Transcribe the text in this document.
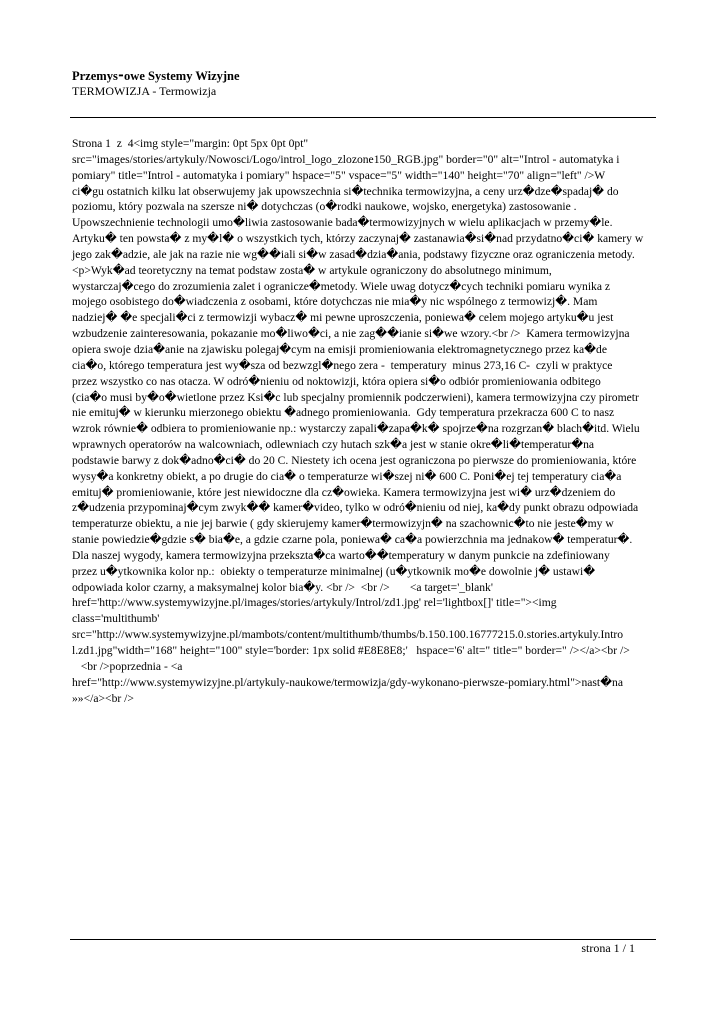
Przemys⁃owe Systemy Wizyjne
TERMOWIZJA - Termowizja
Strona 1  z  4<img style="margin: 0pt 5px 0pt 0pt"
src="images/stories/artykuly/Nowosci/Logo/introl_logo_zlozone150_RGB.jpg" border="0" alt="Introl - automatyka i
pomiary" title="Introl - automatyka i pomiary" hspace="5" vspace="5" width="140" height="70" align="left" />W
ci�gu ostatnich kilku lat obserwujemy jak upowszechnia si�technika termowizyjna, a ceny urz�dze�spadaj� do
poziomu, który pozwala na szersze ni� dotychczas (o�rodki naukowe, wojsko, energetyka) zastosowanie .
Upowszechnienie technologii umo�liwia zastosowanie bada�termowizyjnych w wielu aplikacjach w przemy�le.
Artyku� ten powsta� z my�l� o wszystkich tych, którzy zaczynaj� zastanawia�si�nad przydatno�ci� kamery w
jego zak�adzie, ale jak na razie nie wg��iali si�w zasad�dzia�ania, podstawy fizyczne oraz ograniczenia metody.
<p>Wyk�ad teoretyczny na temat podstaw zosta� w artykule ograniczony do absolutnego minimum,
wystarczaj�cego do zrozumienia zalet i ogranicze�metody. Wiele uwag dotycz�cych techniki pomiaru wynika z
mojego osobistego do�wiadczenia z osobami, które dotychczas nie mia�y nic wspólnego z termowizj�. Mam
nadziej� �e specjali�ci z termowizji wybacz� mi pewne uproszczenia, poniewa� celem mojego artyku�u jest
wzbudzenie zainteresowania, pokazanie mo�liwo�ci, a nie zag��ianie si�we wzory.<br />  Kamera termowizyjna
opiera swoje dzia�anie na zjawisku polegaj�cym na emisji promieniowania elektromagnetycznego przez ka�de
cia�o, którego temperatura jest wy�sza od bezwzgl�nego zera -  temperatury  minus 273,16 C-  czyli w praktyce
przez wszystko co nas otacza. W odró�nieniu od noktowizji, która opiera si�o odbiór promieniowania odbitego
(cia�o musi by�o�wietlone przez Ksi�c lub specjalny promiennik podczerwieni), kamera termowizyjna czy pirometr
nie emituj� w kierunku mierzonego obiektu �adnego promieniowania.  Gdy temperatura przekracza 600 C to nasz
wzrok równie� odbiera to promieniowanie np.: wystarczy zapali�zapa�k� spojrze�na rozgrzan� blach�itd. Wielu
wprawnych operatorów na walcowniach, odlewniach czy hutach szk�a jest w stanie okre�li�temperatur�na
podstawie barwy z dok�adno�ci� do 20 C. Niestety ich ocena jest ograniczona po pierwsze do promieniowania, które
wysy�a konkretny obiekt, a po drugie do cia� o temperaturze wi�szej ni� 600 C. Poni�ej tej temperatury cia�a
emituj� promieniowanie, które jest niewidoczne dla cz�owieka. Kamera termowizyjna jest wi� urz�dzeniem do
z�udzenia przypominaj�cym zwyk�� kamer�video, tylko w odró�nieniu od niej, ka�dy punkt obrazu odpowiada
temperaturze obiektu, a nie jej barwie ( gdy skierujemy kamer�termowizyjn� na szachownic�to nie jeste�my w
stanie powiedzie�gdzie s� bia�e, a gdzie czarne pola, poniewa� ca�a powierzchnia ma jednakow� temperatur�.
Dla naszej wygody, kamera termowizyjna przekszta�ca warto��temperatury w danym punkcie na zdefiniowany
przez u�ytkownika kolor np.:  obiekty o temperaturze minimalnej (u�ytkownik mo�e dowolnie j� ustawi�
odpowiada kolor czarny, a maksymalnej kolor bia�y. <br />  <br />       <a target='_blank'
href='http://www.systemywizyjne.pl/images/stories/artykuly/Introl/zd1.jpg' rel='lightbox[]' title="><img
class='multithumb'
src="http://www.systemywizyjne.pl/mambots/content/multithumb/thumbs/b.150.100.16777215.0.stories.artykuly.Intro
l.zd1.jpg"width="168" height="100" style='border: 1px solid #E8E8E8;'   hspace='6' alt=" title=" border=" /></a><br />
<br />poprzednia - <a
href="http://www.systemywizyjne.pl/artykuly-naukowe/termowizja/gdy-wykonano-pierwsze-pomiary.html">nast�na
»»</a><br />
strona 1 / 1
